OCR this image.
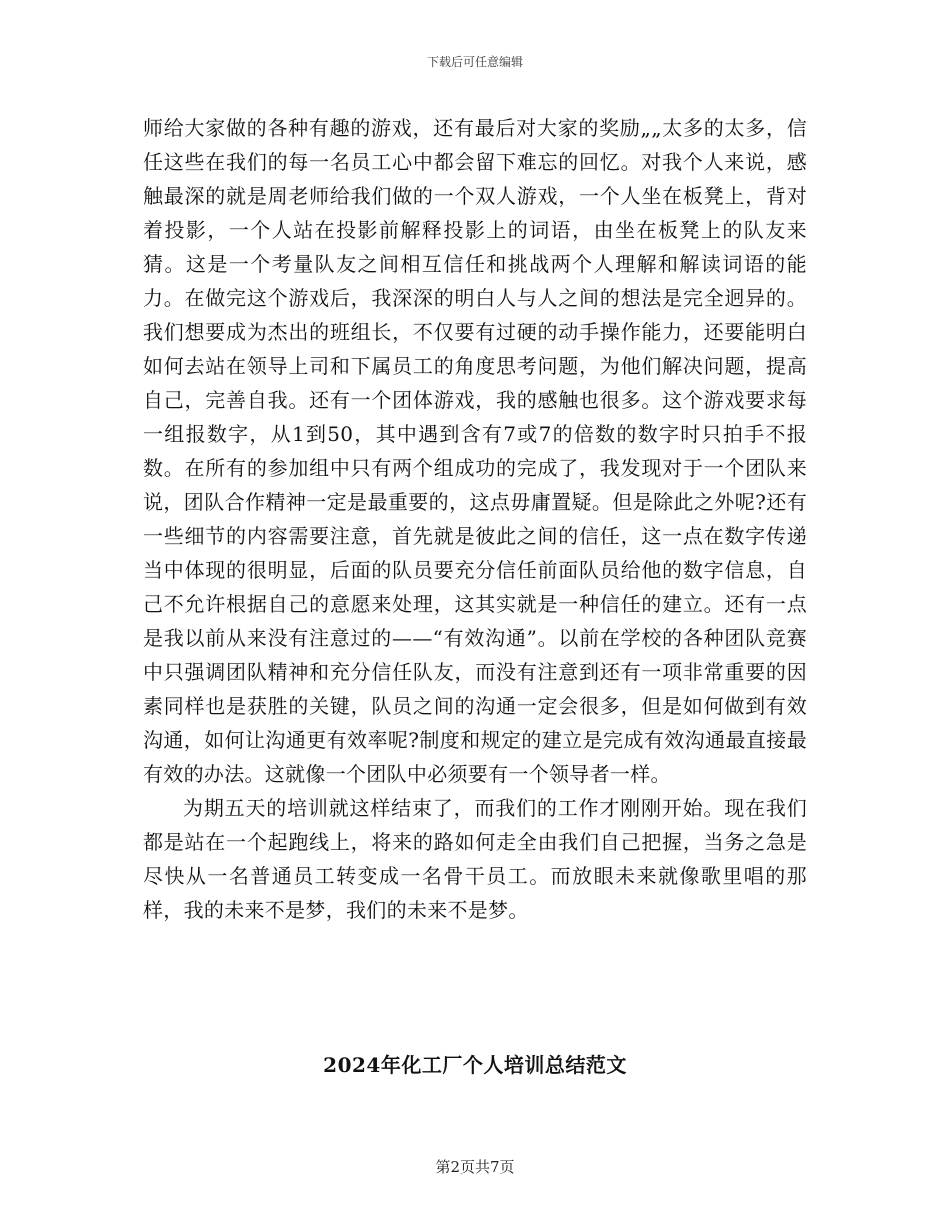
下载后可任意编辑

师给大家做的各种有趣的游戏，还有最后对大家的奖励„„太多的太多，信任这些在我们的每一名员工心中都会留下难忘的回忆。对我个人来说，感触最深的就是周老师给我们做的一个双人游戏，一个人坐在板凳上，背对着投影，一个人站在投影前解释投影上的词语，由坐在板凳上的队友来猜。这是一个考量队友之间相互信任和挑战两个人理解和解读词语的能力。在做完这个游戏后，我深深的明白人与人之间的想法是完全迥异的。我们想要成为杰出的班组长，不仅要有过硬的动手操作能力，还要能明白如何去站在领导上司和下属员工的角度思考问题，为他们解决问题，提高自己，完善自我。还有一个团体游戏，我的感触也很多。这个游戏要求每一组报数字，从1到50，其中遇到含有7或7的倍数的数字时只拍手不报数。在所有的参加组中只有两个组成功的完成了，我发现对于一个团队来说，团队合作精神一定是最重要的，这点毋庸置疑。但是除此之外呢?还有一些细节的内容需要注意，首先就是彼此之间的信任，这一点在数字传递当中体现的很明显，后面的队员要充分信任前面队员给他的数字信息，自己不允许根据自己的意愿来处理，这其实就是一种信任的建立。还有一点是我以前从来没有注意过的——“有效沟通”。以前在学校的各种团队竞赛中只强调团队精神和充分信任队友，而没有注意到还有一项非常重要的因素同样也是获胜的关键，队员之间的沟通一定会很多，但是如何做到有效沟通，如何让沟通更有效率呢?制度和规定的建立是完成有效沟通最直接最有效的办法。这就像一个团队中必须要有一个领导者一样。

为期五天的培训就这样结束了，而我们的工作才刚刚开始。现在我们都是站在一个起跑线上，将来的路如何走全由我们自己把握，当务之急是尽快从一名普通员工转变成一名骨干员工。而放眼未来就像歌里唱的那样，我的未来不是梦，我们的未来不是梦。

2024年化工厂个人培训总结范文
第2页共7页
